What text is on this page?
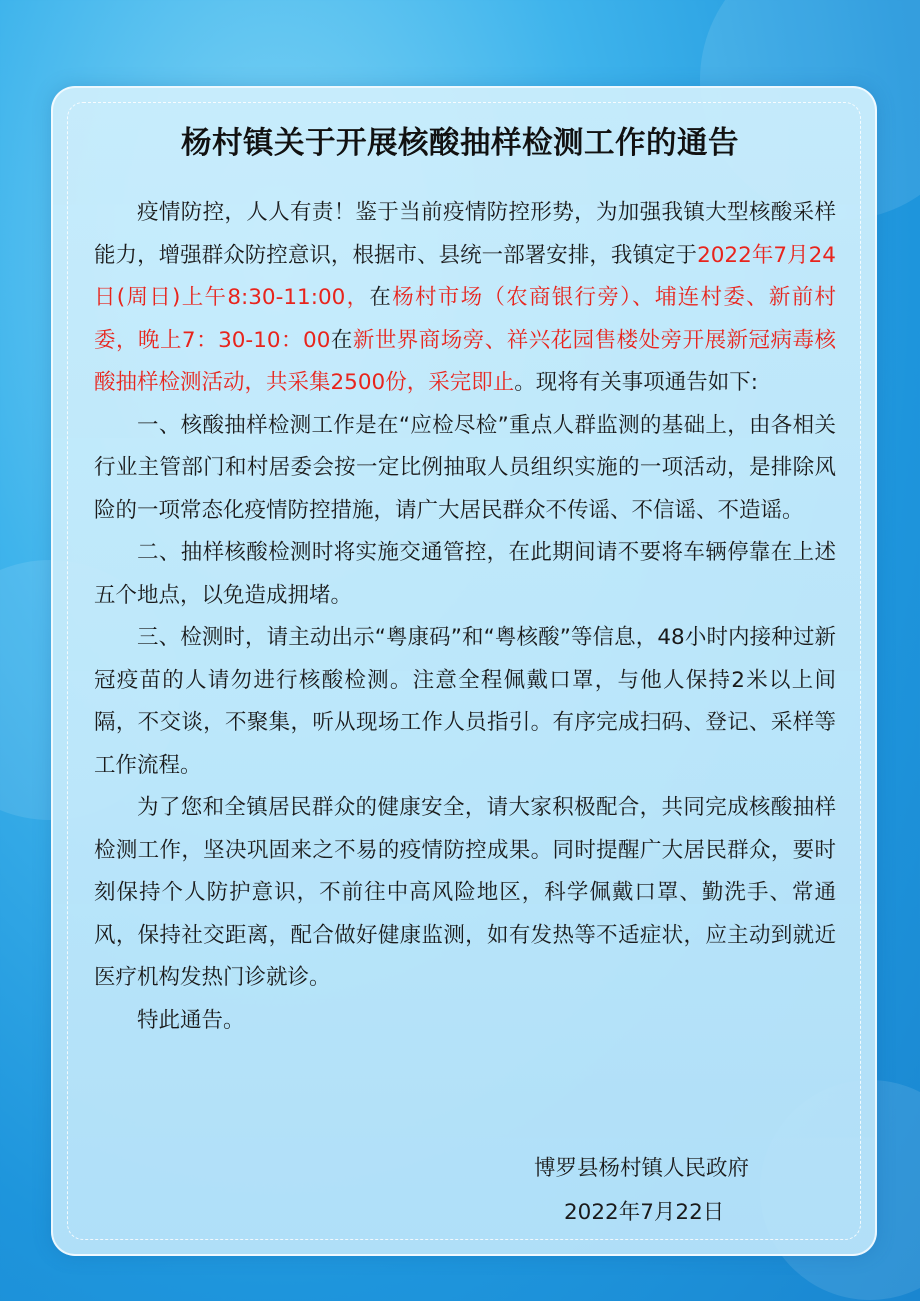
杨村镇关于开展核酸抽样检测工作的通告

疫情防控，人人有责！鉴于当前疫情防控形势，为加强我镇大型核酸采样能力，增强群众防控意识，根据市、县统一部署安排，我镇定于2022年7月24日(周日)上午8:30-11:00，在杨村市场（农商银行旁）、埔连村委、新前村委，晚上7：30-10：00在新世界商场旁、祥兴花园售楼处旁开展新冠病毒核酸抽样检测活动，共采集2500份，采完即止。现将有关事项通告如下:

一、核酸抽样检测工作是在“应检尽检”重点人群监测的基础上，由各相关行业主管部门和村居委会按一定比例抽取人员组织实施的一项活动，是排除风险的一项常态化疫情防控措施，请广大居民群众不传谣、不信谣、不造谣。

二、抽样核酸检测时将实施交通管控，在此期间请不要将车辆停靠在上述五个地点，以免造成拥堵。

三、检测时，请主动出示“粤康码”和“粤核酸”等信息，48小时内接种过新冠疫苗的人请勿进行核酸检测。注意全程佩戴口罩，与他人保持2米以上间隔，不交谈，不聚集，听从现场工作人员指引。有序完成扫码、登记、采样等工作流程。

为了您和全镇居民群众的健康安全，请大家积极配合，共同完成核酸抽样检测工作，坚决巩固来之不易的疫情防控成果。同时提醒广大居民群众，要时刻保持个人防护意识，不前往中高风险地区，科学佩戴口罩、勤洗手、常通风，保持社交距离，配合做好健康监测，如有发热等不适症状，应主动到就近医疗机构发热门诊就诊。

特此通告。

博罗县杨村镇人民政府
2022年7月22日
